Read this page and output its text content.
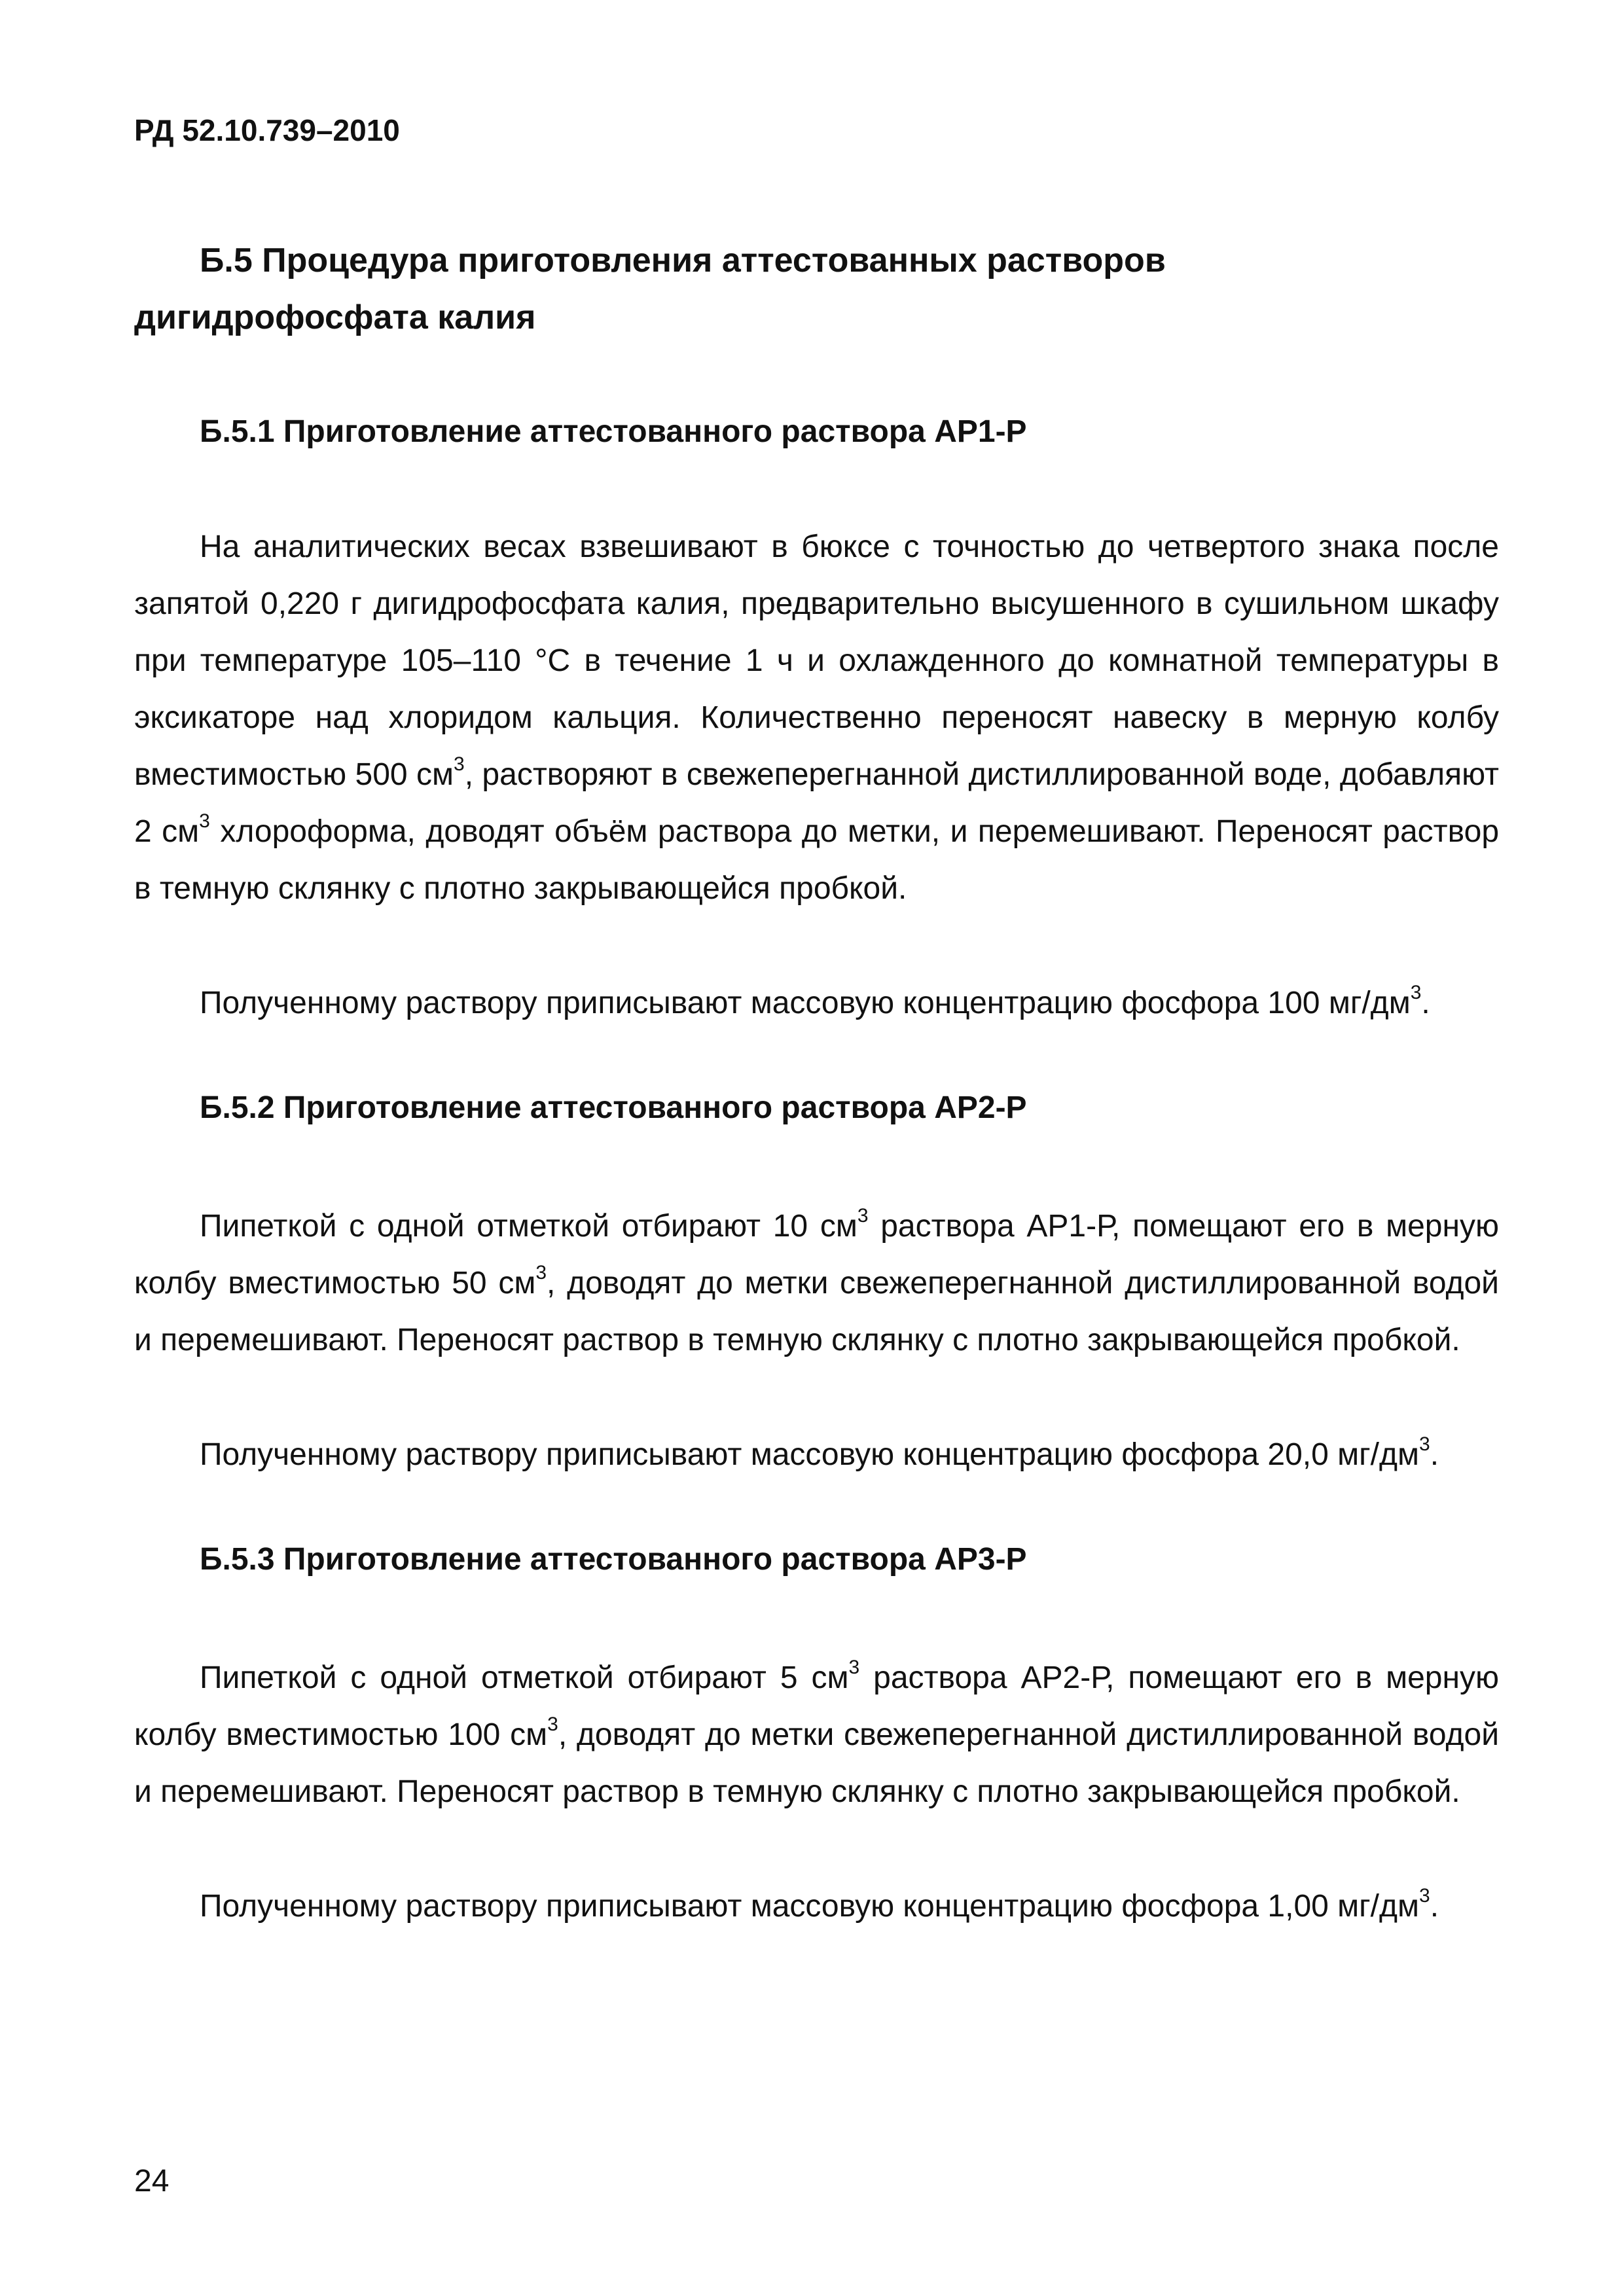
РД 52.10.739–2010
Б.5 Процедура приготовления аттестованных растворов
дигидрофосфата калия
Б.5.1 Приготовление аттестованного раствора АР1-Р

На аналитических весах взвешивают в бюксе с точностью до четвертого знака после запятой 0,220 г дигидрофосфата калия, предварительно высушенного в сушильном шкафу при температуре 105–110 °С в течение 1 ч и охлажденного до комнатной температуры в эксикаторе над хлоридом кальция. Количественно переносят навеску в мерную колбу вместимостью 500 $см^3$, растворяют в свежеперегнанной дистиллированной воде, добавляют 2 $см^3$ хлороформа, доводят объём раствора до метки, и перемешивают. Переносят раствор в темную склянку с плотно закрывающейся пробкой.

Полученному раствору приписывают массовую концентрацию фосфора 100 $мг/дм^3$.

Б.5.2 Приготовление аттестованного раствора АР2-Р

Пипеткой с одной отметкой отбирают 10 $см^3$ раствора АР1-Р, помещают его в мерную колбу вместимостью 50 $см^3$, доводят до метки свежеперегнанной дистиллированной водой и перемешивают. Переносят раствор в темную склянку с плотно закрывающейся пробкой.

Полученному раствору приписывают массовую концентрацию фосфора 20,0 $мг/дм^3$.

Б.5.3 Приготовление аттестованного раствора АР3-Р

Пипеткой с одной отметкой отбирают 5 $см^3$ раствора АР2-Р, помещают его в мерную колбу вместимостью 100 $см^3$, доводят до метки свежеперегнанной дистиллированной водой и перемешивают. Переносят раствор в темную склянку с плотно закрывающейся пробкой.

Полученному раствору приписывают массовую концентрацию фосфора 1,00 $мг/дм^3$.

24
